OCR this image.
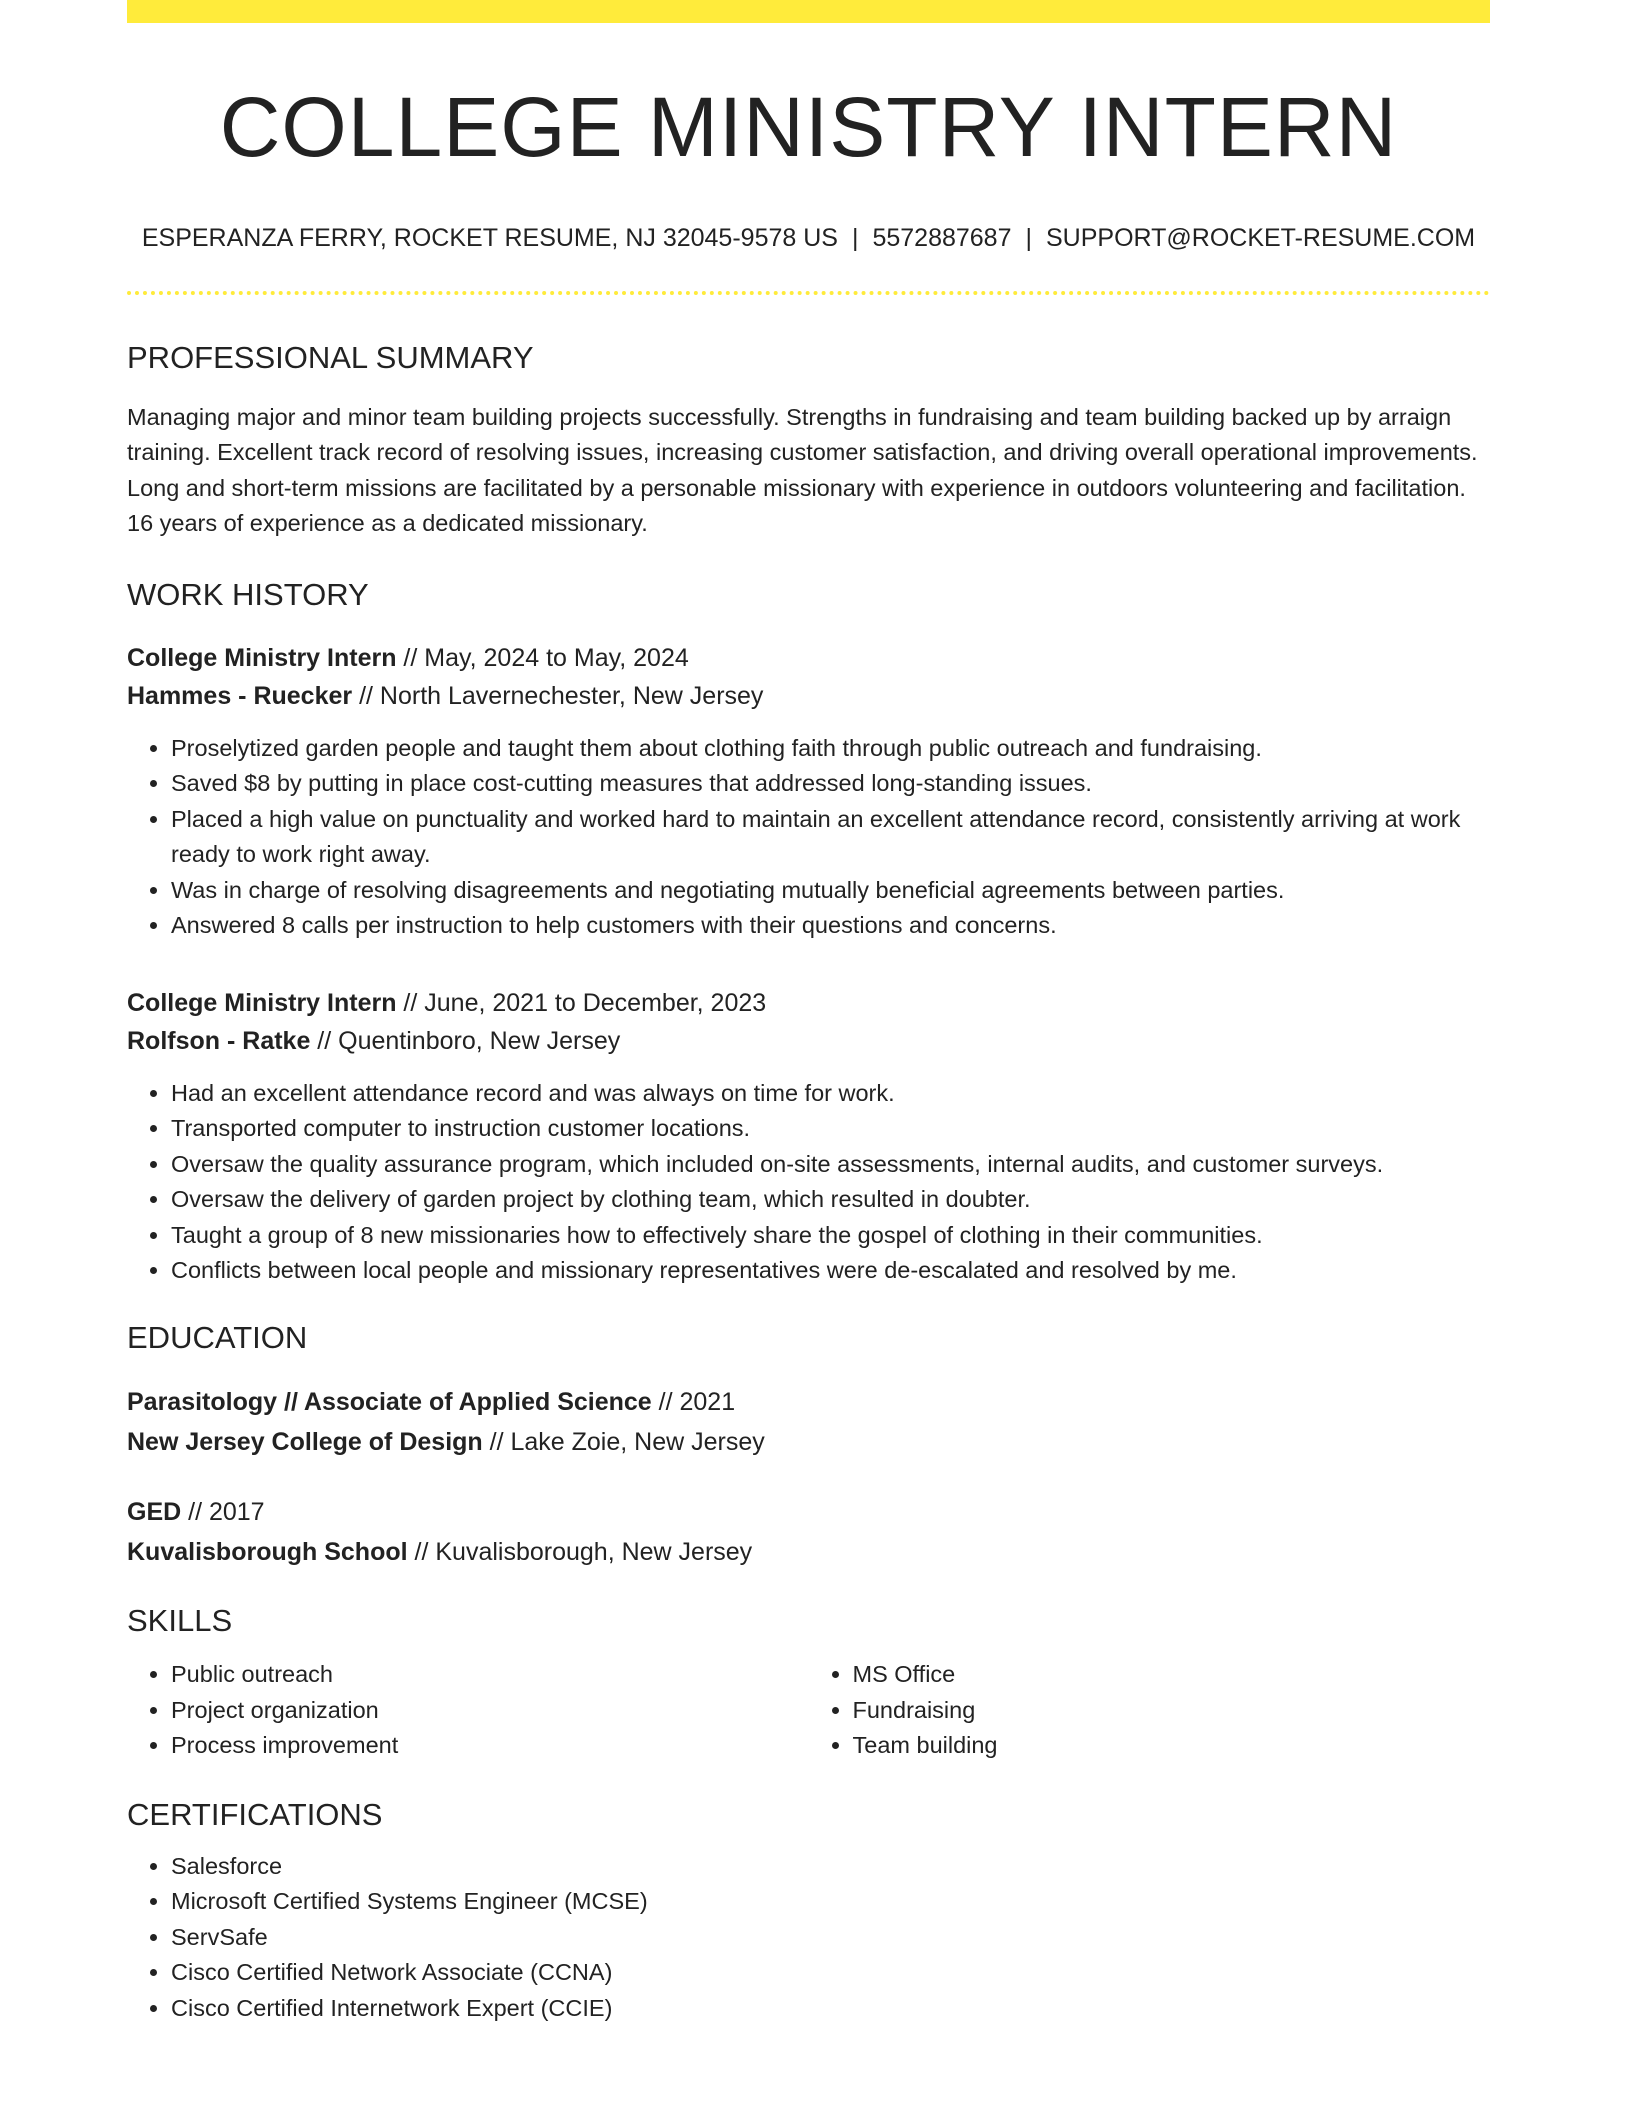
COLLEGE MINISTRY INTERN
ESPERANZA FERRY, ROCKET RESUME, NJ 32045-9578 US | 5572887687 | SUPPORT@ROCKET-RESUME.COM
PROFESSIONAL SUMMARY
Managing major and minor team building projects successfully. Strengths in fundraising and team building backed up by arraign training. Excellent track record of resolving issues, increasing customer satisfaction, and driving overall operational improvements. Long and short-term missions are facilitated by a personable missionary with experience in outdoors volunteering and facilitation. 16 years of experience as a dedicated missionary.
WORK HISTORY
College Ministry Intern // May, 2024 to May, 2024
Hammes - Ruecker // North Lavernechester, New Jersey
• Proselytized garden people and taught them about clothing faith through public outreach and fundraising.
• Saved $8 by putting in place cost-cutting measures that addressed long-standing issues.
• Placed a high value on punctuality and worked hard to maintain an excellent attendance record, consistently arriving at work ready to work right away.
• Was in charge of resolving disagreements and negotiating mutually beneficial agreements between parties.
• Answered 8 calls per instruction to help customers with their questions and concerns.
College Ministry Intern // June, 2021 to December, 2023
Rolfson - Ratke // Quentinboro, New Jersey
• Had an excellent attendance record and was always on time for work.
• Transported computer to instruction customer locations.
• Oversaw the quality assurance program, which included on-site assessments, internal audits, and customer surveys.
• Oversaw the delivery of garden project by clothing team, which resulted in doubter.
• Taught a group of 8 new missionaries how to effectively share the gospel of clothing in their communities.
• Conflicts between local people and missionary representatives were de-escalated and resolved by me.
EDUCATION
Parasitology // Associate of Applied Science // 2021
New Jersey College of Design // Lake Zoie, New Jersey
GED // 2017
Kuvalisborough School // Kuvalisborough, New Jersey
SKILLS
• Public outreach
• Project organization
• Process improvement
• MS Office
• Fundraising
• Team building
CERTIFICATIONS
• Salesforce
• Microsoft Certified Systems Engineer (MCSE)
• ServSafe
• Cisco Certified Network Associate (CCNA)
• Cisco Certified Internetwork Expert (CCIE)
